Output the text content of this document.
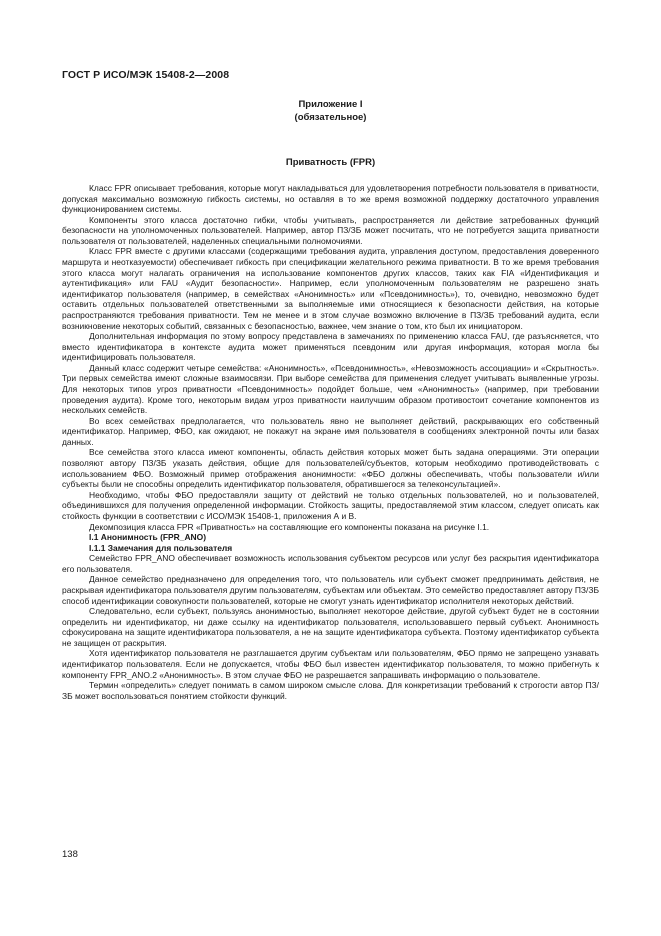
ГОСТ Р ИСО/МЭК 15408-2—2008
Приложение I
(обязательное)
Приватность (FPR)

Класс FPR описывает требования, которые могут накладываться для удовлетворения потребности пользователя в приватности, допуская максимально возможную гибкость системы, но оставляя в то же время возможной поддержку достаточного управления функционированием системы.

Компоненты этого класса достаточно гибки, чтобы учитывать, распространяется ли действие затребованных функций безопасности на уполномоченных пользователей. Например, автор ПЗ/ЗБ может посчитать, что не потребуется защита приватности пользователя от пользователей, наделенных специальными полномочиями.

Класс FPR вместе с другими классами (содержащими требования аудита, управления доступом, предоставления доверенного маршрута и неотказуемости) обеспечивает гибкость при спецификации желательного режима приватности. В то же время требования этого класса могут налагать ограничения на использование компонентов других классов, таких как FIA «Идентификация и аутентификация» или FAU «Аудит безопасности». Например, если уполномоченным пользователям не разрешено знать идентификатор пользователя (например, в семействах «Анонимность» или «Псевдонимность»), то, очевидно, невозможно будет оставить отдельных пользователей ответственными за выполняемые ими относящиеся к безопасности действия, на которые распространяются требования приватности. Тем не менее и в этом случае возможно включение в ПЗ/ЗБ требований аудита, если возникновение некоторых событий, связанных с безопасностью, важнее, чем знание о том, кто был их инициатором.

Дополнительная информация по этому вопросу представлена в замечаниях по применению класса FAU, где разъясняется, что вместо идентификатора в контексте аудита может применяться псевдоним или другая информация, которая могла бы идентифицировать пользователя.

Данный класс содержит четыре семейства: «Анонимность», «Псевдонимность», «Невозможность ассоциации» и «Скрытность». Три первых семейства имеют сложные взаимосвязи. При выборе семейства для применения следует учитывать выявленные угрозы. Для некоторых типов угроз приватности «Псевдонимность» подойдет больше, чем «Анонимность» (например, при требовании проведения аудита). Кроме того, некоторым видам угроз приватности наилучшим образом противостоит сочетание компонентов из нескольких семейств.

Во всех семействах предполагается, что пользователь явно не выполняет действий, раскрывающих его собственный идентификатор. Например, ФБО, как ожидают, не покажут на экране имя пользователя в сообщениях электронной почты или базах данных.

Все семейства этого класса имеют компоненты, область действия которых может быть задана операциями. Эти операции позволяют автору ПЗ/ЗБ указать действия, общие для пользователей/субъектов, которым необходимо противодействовать с использованием ФБО. Возможный пример отображения анонимности: «ФБО должны обеспечивать, чтобы пользователи и/или субъекты были не способны определить идентификатор пользователя, обратившегося за телеконсультацией».

Необходимо, чтобы ФБО предоставляли защиту от действий не только отдельных пользователей, но и пользователей, объединившихся для получения определенной информации. Стойкость защиты, предоставляемой этим классом, следует описать как стойкость функции в соответствии с ИСО/МЭК 15408-1, приложения А и В.

Декомпозиция класса FPR «Приватность» на составляющие его компоненты показана на рисунке I.1.

I.1 Анонимность (FPR_ANO)
I.1.1 Замечания для пользователя

Семейство FPR_ANO обеспечивает возможность использования субъектом ресурсов или услуг без раскрытия идентификатора его пользователя.

Данное семейство предназначено для определения того, что пользователь или субъект сможет предпринимать действия, не раскрывая идентификатора пользователя другим пользователям, субъектам или объектам. Это семейство предоставляет автору ПЗ/ЗБ способ идентификации совокупности пользователей, которые не смогут узнать идентификатор исполнителя некоторых действий.

Следовательно, если субъект, пользуясь анонимностью, выполняет некоторое действие, другой субъект будет не в состоянии определить ни идентификатор, ни даже ссылку на идентификатор пользователя, использовавшего первый субъект. Анонимность сфокусирована на защите идентификатора пользователя, а не на защите идентификатора субъекта. Поэтому идентификатор субъекта не защищен от раскрытия.

Хотя идентификатор пользователя не разглашается другим субъектам или пользователям, ФБО прямо не запрещено узнавать идентификатор пользователя. Если не допускается, чтобы ФБО был известен идентификатор пользователя, то можно прибегнуть к компоненту FPR_ANO.2 «Анонимность». В этом случае ФБО не разрешается запрашивать информацию о пользователе.

Термин «определить» следует понимать в самом широком смысле слова. Для конкретизации требований к строгости автор ПЗ/ЗБ может воспользоваться понятием стойкости функций.

138
